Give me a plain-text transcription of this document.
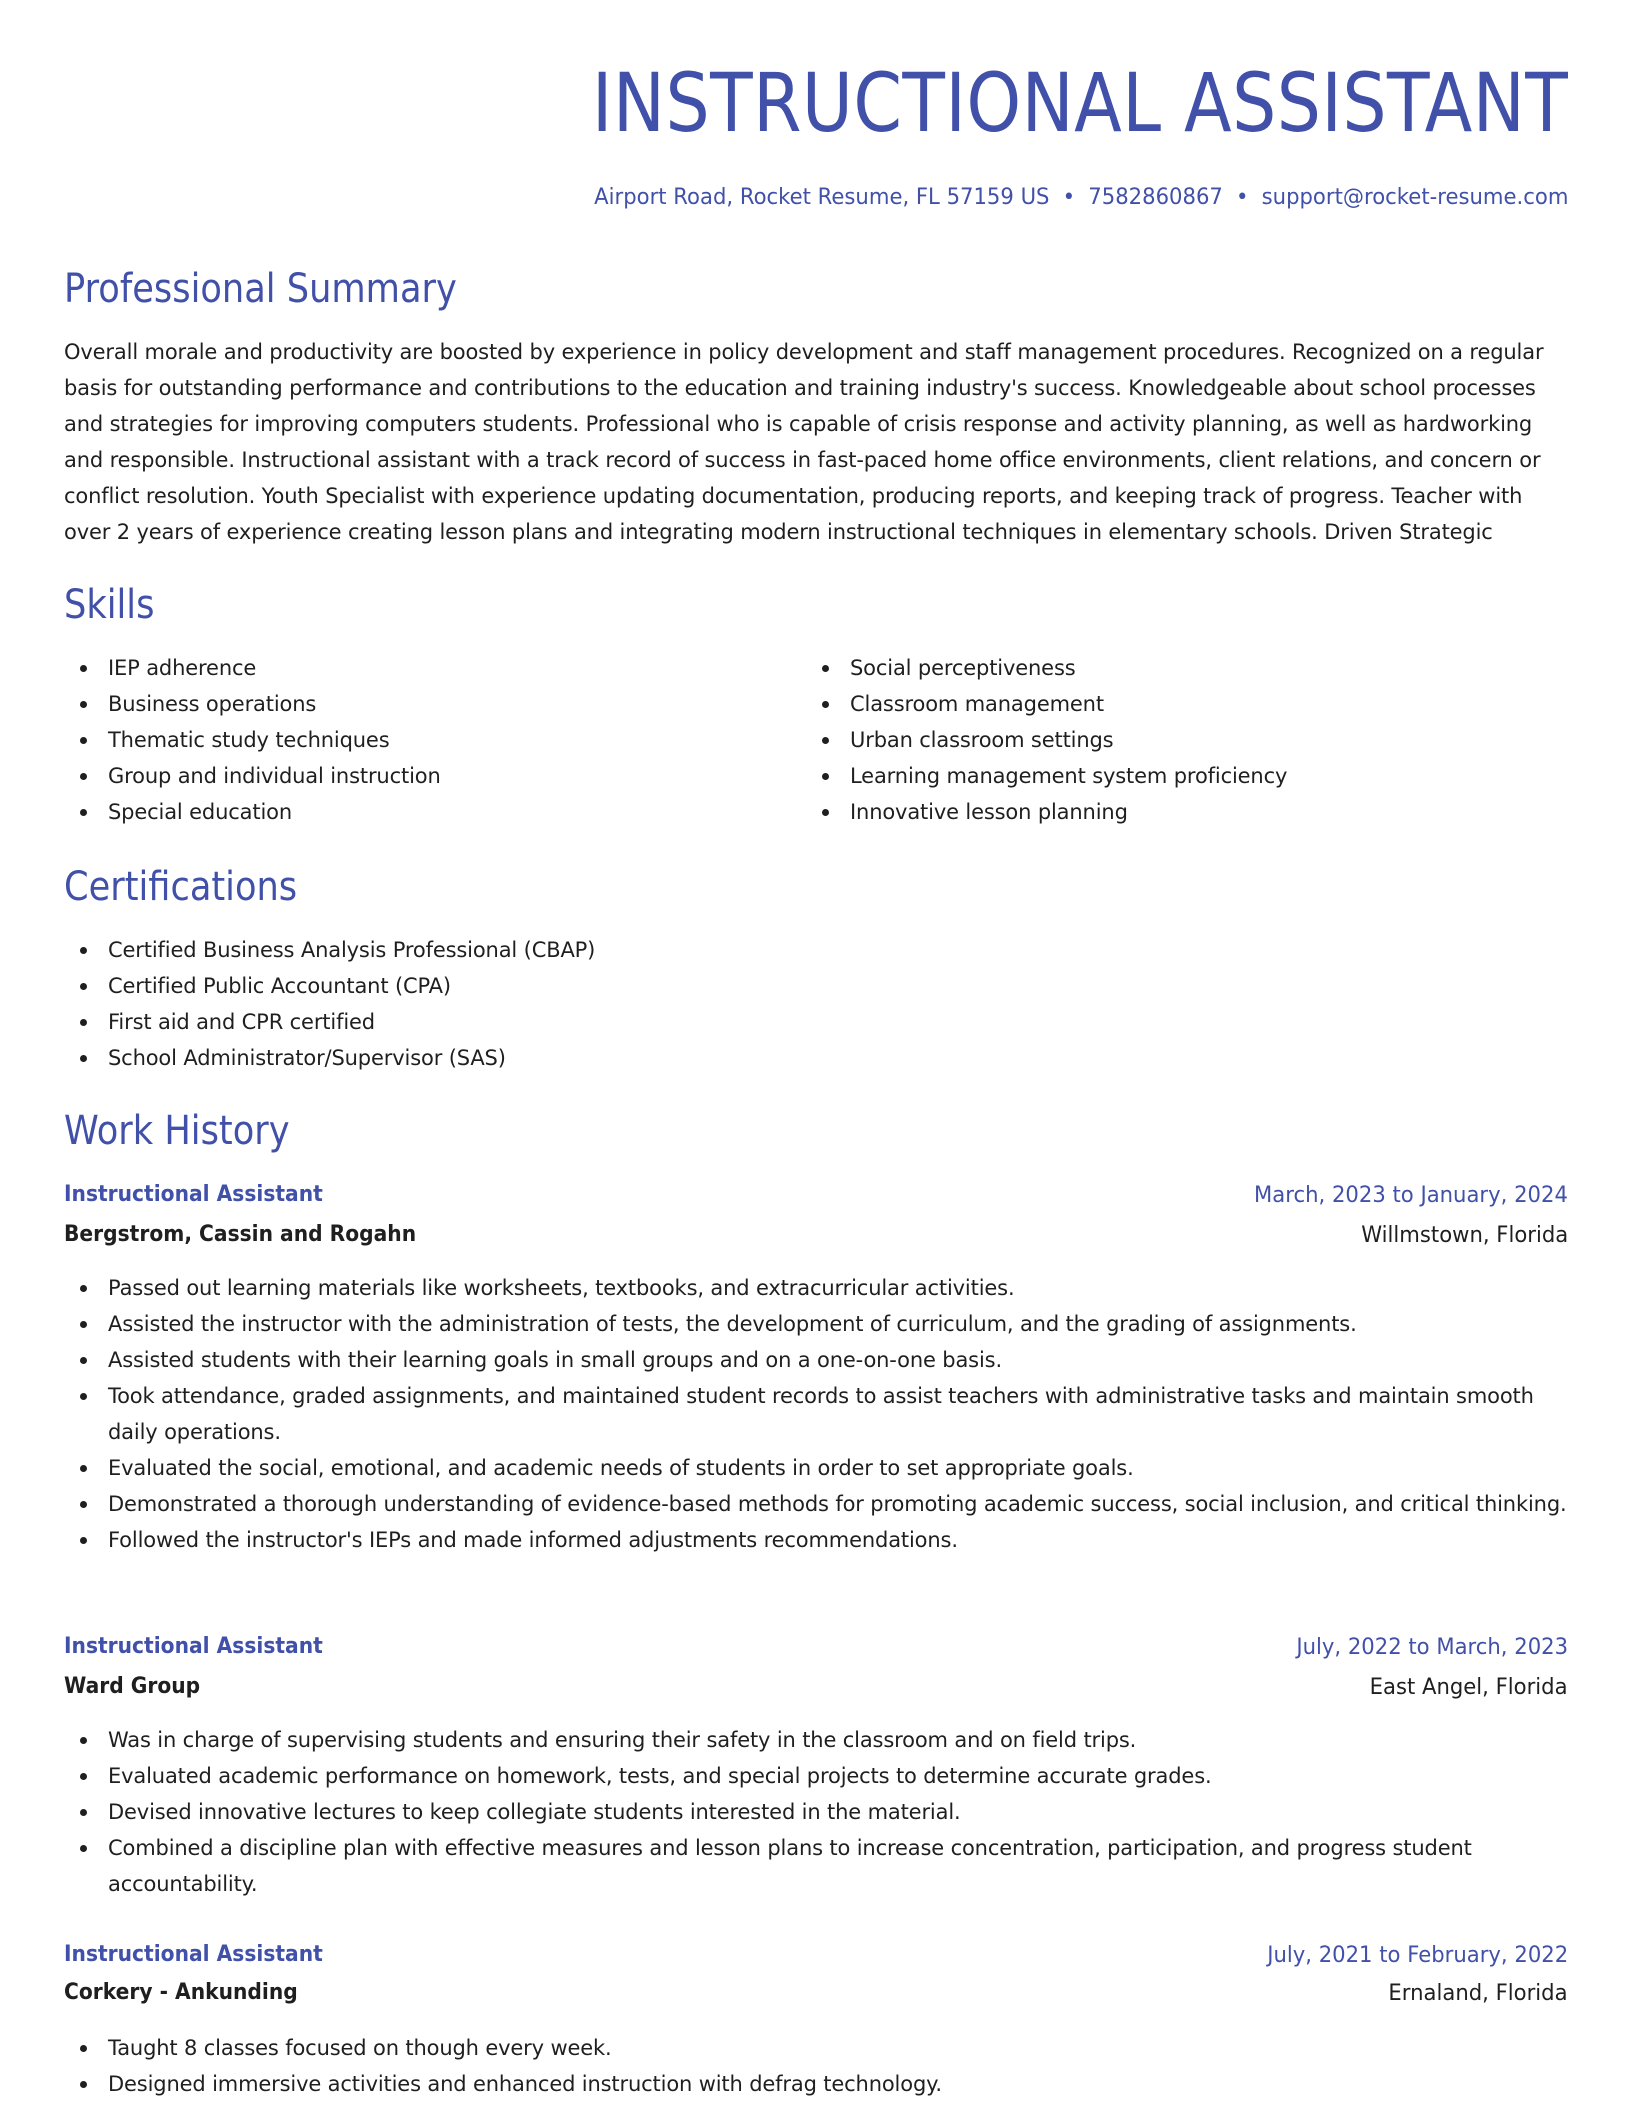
INSTRUCTIONAL ASSISTANT
Airport Road, Rocket Resume, FL 57159 US • 7582860867 • support@rocket-resume.com
Professional Summary

Overall morale and productivity are boosted by experience in policy development and staff management procedures. Recognized on a regular basis for outstanding performance and contributions to the education and training industry's success. Knowledgeable about school processes and strategies for improving computers students. Professional who is capable of crisis response and activity planning, as well as hardworking and responsible. Instructional assistant with a track record of success in fast-paced home office environments, client relations, and concern or conflict resolution. Youth Specialist with experience updating documentation, producing reports, and keeping track of progress. Teacher with over 2 years of experience creating lesson plans and integrating modern instructional techniques in elementary schools. Driven Strategic

Skills
IEP adherence
Business operations
Thematic study techniques
Group and individual instruction
Special education
Social perceptiveness
Classroom management
Urban classroom settings
Learning management system proficiency
Innovative lesson planning
Certifications
Certified Business Analysis Professional (CBAP)
Certified Public Accountant (CPA)
First aid and CPR certified
School Administrator/Supervisor (SAS)
Work History
Instructional Assistant	March, 2023 to January, 2024
Bergstrom, Cassin and Rogahn	Willmstown, Florida
Passed out learning materials like worksheets, textbooks, and extracurricular activities.
Assisted the instructor with the administration of tests, the development of curriculum, and the grading of assignments.
Assisted students with their learning goals in small groups and on a one-on-one basis.
Took attendance, graded assignments, and maintained student records to assist teachers with administrative tasks and maintain smooth daily operations.
Evaluated the social, emotional, and academic needs of students in order to set appropriate goals.
Demonstrated a thorough understanding of evidence-based methods for promoting academic success, social inclusion, and critical thinking.
Followed the instructor's IEPs and made informed adjustments recommendations.
Instructional Assistant	July, 2022 to March, 2023
Ward Group	East Angel, Florida
Was in charge of supervising students and ensuring their safety in the classroom and on field trips.
Evaluated academic performance on homework, tests, and special projects to determine accurate grades.
Devised innovative lectures to keep collegiate students interested in the material.
Combined a discipline plan with effective measures and lesson plans to increase concentration, participation, and progress student accountability.
Instructional Assistant	July, 2021 to February, 2022
Corkery - Ankunding	Ernaland, Florida
Taught 8 classes focused on though every week.
Designed immersive activities and enhanced instruction with defrag technology.
